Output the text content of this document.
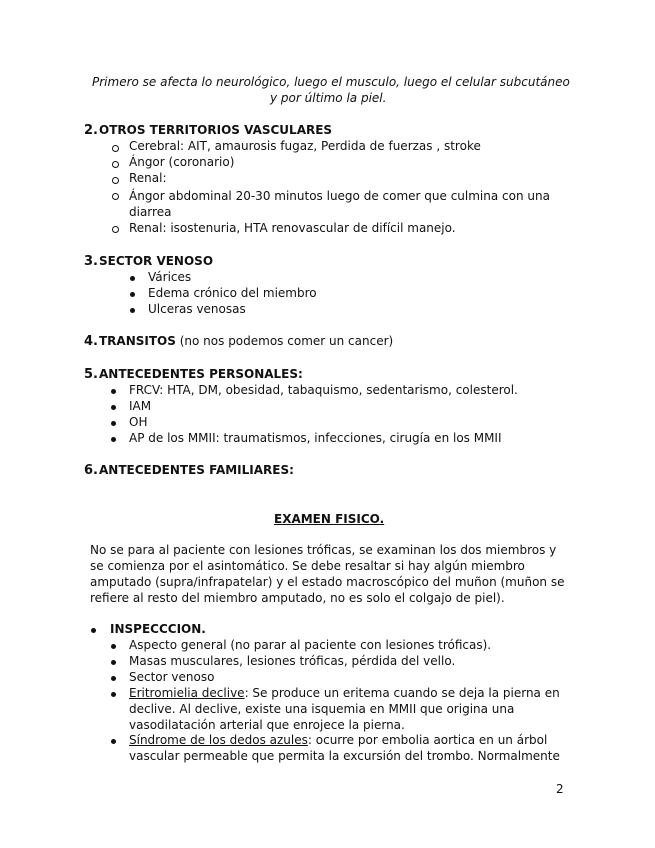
Primero se afecta lo neurológico, luego el musculo, luego el celular subcutáneo
y por último la piel.
2. OTROS TERRITORIOS VASCULARES
Cerebral: AIT, amaurosis fugaz, Perdida de fuerzas , stroke
Ángor (coronario)
Renal:
Ángor abdominal 20-30 minutos luego de comer que culmina con una
diarrea
Renal: isostenuria, HTA renovascular de difícil manejo.
3. SECTOR VENOSO
Várices
Edema crónico del miembro
Ulceras venosas
4. TRANSITOS (no nos podemos comer un cancer)
5. ANTECEDENTES PERSONALES:
FRCV: HTA, DM, obesidad, tabaquismo, sedentarismo, colesterol.
IAM
OH
AP de los MMII: traumatismos, infecciones, cirugía en los MMII
6. ANTECEDENTES FAMILIARES:
EXAMEN FISICO.
No se para al paciente con lesiones tróficas, se examinan los dos miembros y
se comienza por el asintomático. Se debe resaltar si hay algún miembro
amputado (supra/infrapatelar) y el estado macroscópico del muñon (muñon se
refiere al resto del miembro amputado, no es solo el colgajo de piel).
INSPECCCION.
Aspecto general (no parar al paciente con lesiones tróficas).
Masas musculares, lesiones tróficas, pérdida del vello.
Sector venoso
Eritromielia declive: Se produce un eritema cuando se deja la pierna en
declive. Al declive, existe una isquemia en MMII que origina una
vasodilatación arterial que enrojece la pierna.
Síndrome de los dedos azules: ocurre por embolia aortica en un árbol
vascular permeable que permita la excursión del trombo. Normalmente
2
